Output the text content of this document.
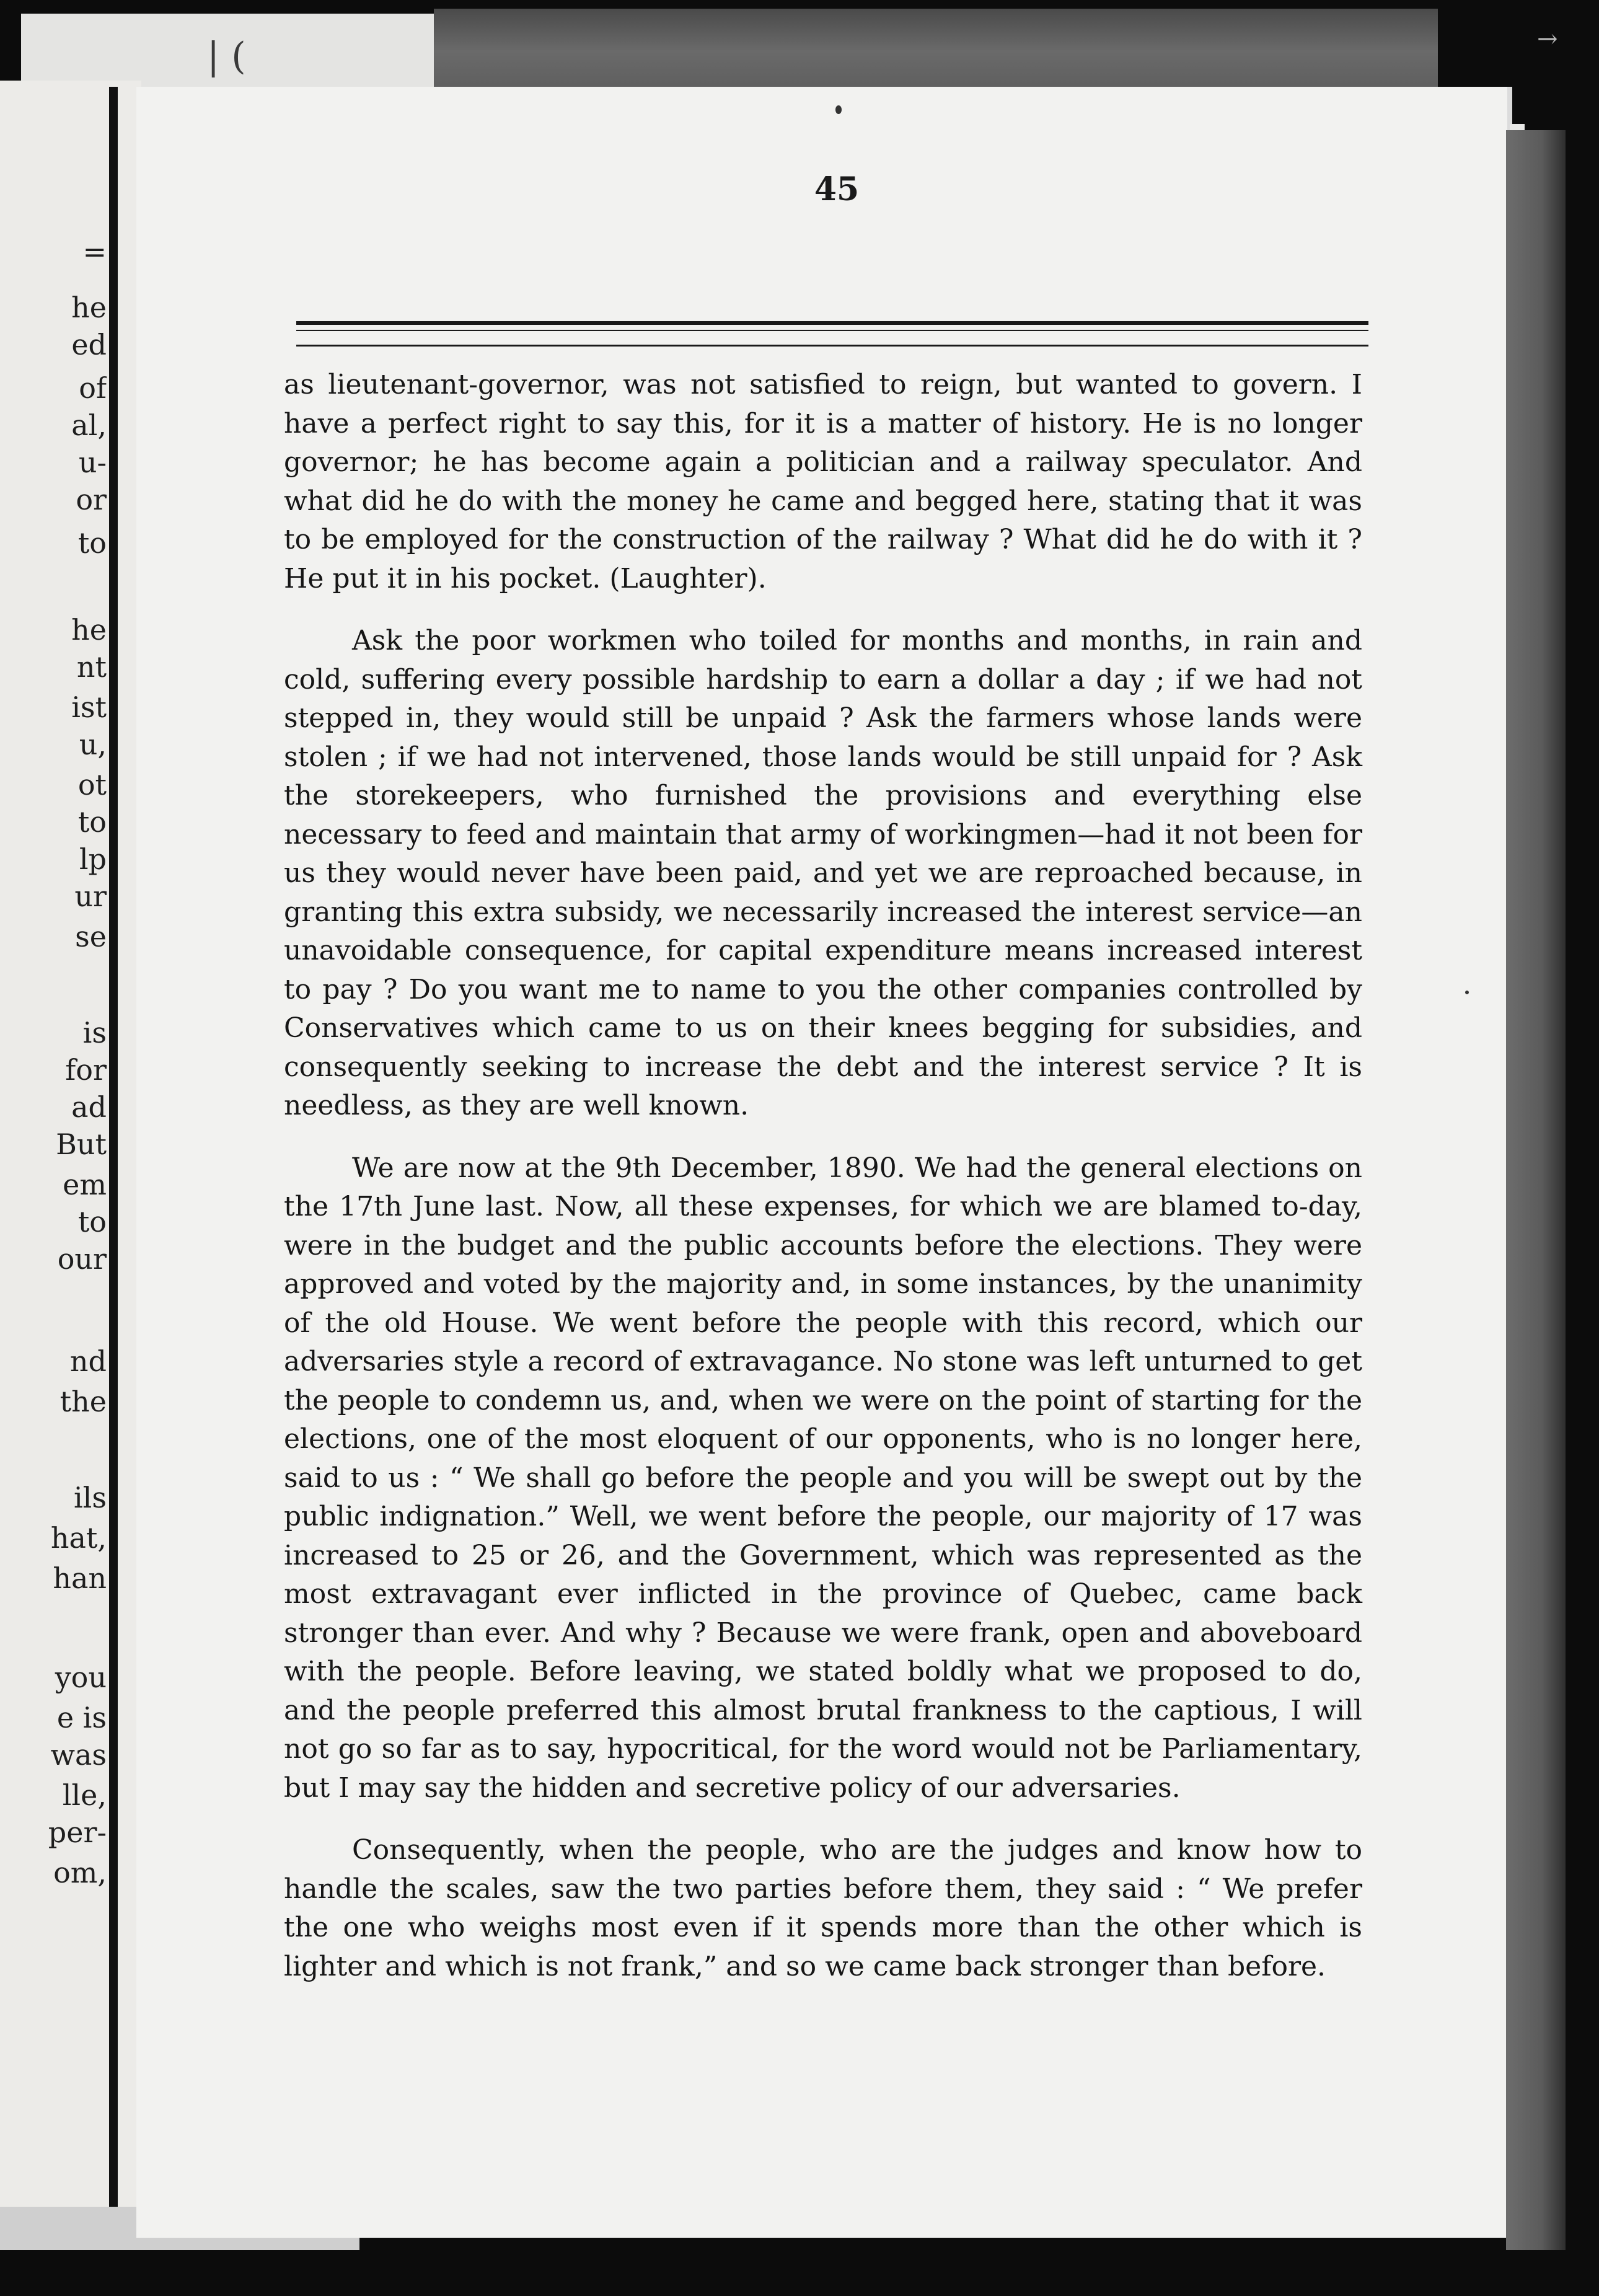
| (	→
=
he
ed
of
al,
u-
or
to
he
nt
ist
u,
ot
to
lp
ur
se
is
for
ad
But
em
to
our
nd
the
ils
hat,
han
you
e is
was
lle,
per-
om,
45

as lieutenant-governor, was not satisfied to reign, but wanted to govern. I have a perfect right to say this, for it is a matter of history. He is no longer governor; he has become again a politician and a railway speculator. And what did he do with the money he came and begged here, stating that it was to be employed for the construction of the railway ? What did he do with it ? He put it in his pocket. (Laughter).

Ask the poor workmen who toiled for months and months, in rain and cold, suffering every possible hardship to earn a dollar a day ; if we had not stepped in, they would still be unpaid ? Ask the farmers whose lands were stolen ; if we had not intervened, those lands would be still unpaid for ? Ask the storekeepers, who furnished the provisions and everything else necessary to feed and maintain that army of workingmen—had it not been for us they would never have been paid, and yet we are reproached because, in granting this extra subsidy, we necessarily increased the interest service—an unavoidable consequence, for capital expenditure means increased interest to pay ? Do you want me to name to you the other companies controlled by Conservatives which came to us on their knees begging for subsidies, and consequently seeking to increase the debt and the interest service ? It is needless, as they are well known.

We are now at the 9th December, 1890. We had the general elections on the 17th June last. Now, all these expenses, for which we are blamed to-day, were in the budget and the public accounts before the elections. They were approved and voted by the majority and, in some instances, by the unanimity of the old House. We went before the people with this record, which our adversaries style a record of extravagance. No stone was left unturned to get the people to condemn us, and, when we were on the point of starting for the elections, one of the most eloquent of our opponents, who is no longer here, said to us : “ We shall go before the people and you will be swept out by the public indignation.” Well, we went before the people, our majority of 17 was increased to 25 or 26, and the Government, which was represented as the most extravagant ever inflicted in the province of Quebec, came back stronger than ever. And why ? Because we were frank, open and aboveboard with the people. Before leaving, we stated boldly what we proposed to do, and the people preferred this almost brutal frankness to the captious, I will not go so far as to say, hypocritical, for the word would not be Parliamentary, but I may say the hidden and secretive policy of our adversaries.

Consequently, when the people, who are the judges and know how to handle the scales, saw the two parties before them, they said : “ We prefer the one who weighs most even if it spends more than the other which is lighter and which is not frank,” and so we came back stronger than before.
